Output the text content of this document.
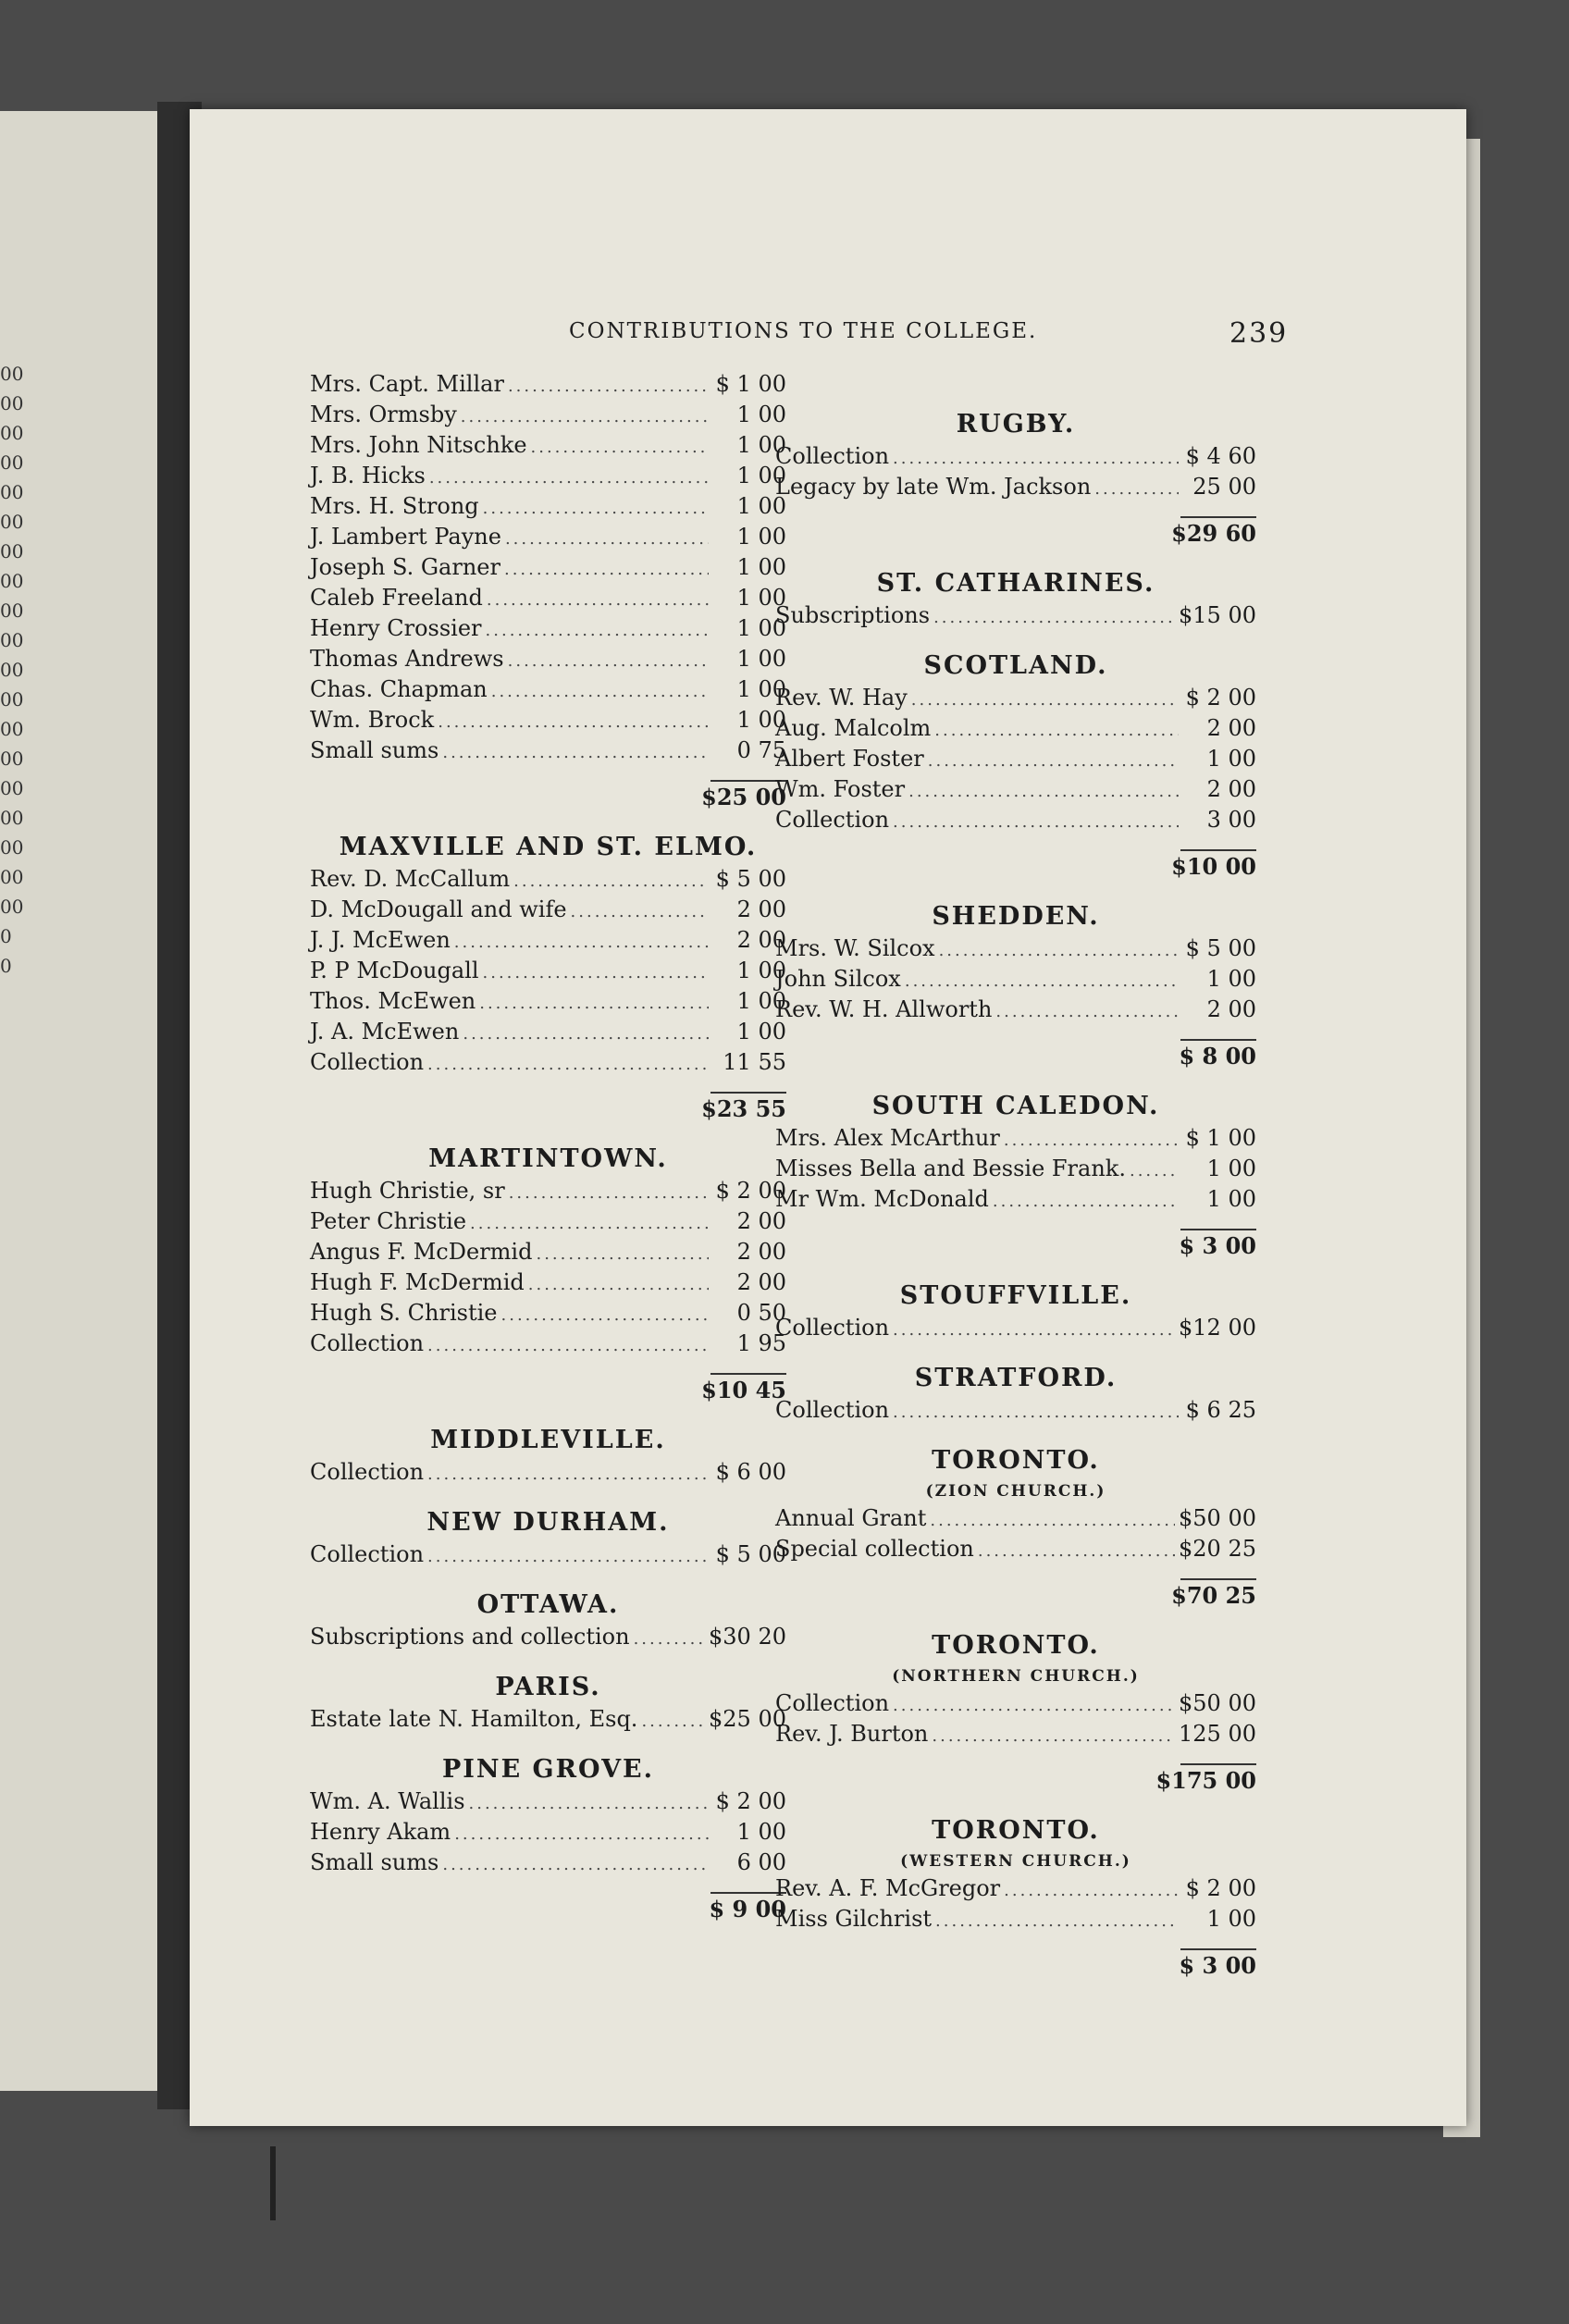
00
00
00
00
00
00
00
00
00
00
00
00
00
00
00
00
00
00
00
0
0
CONTRIBUTIONS TO THE COLLEGE.	239
Mrs. Capt. Millar .....	$ 1 00
Mrs. Ormsby .....	1 00
Mrs. John Nitschke .....	1 00
J. B. Hicks .....	1 00
Mrs. H. Strong .....	1 00
J. Lambert Payne .....	1 00
Joseph S. Garner .....	1 00
Caleb Freeland .....	1 00
Henry Crossier .....	1 00
Thomas Andrews .....	1 00
Chas. Chapman .....	1 00
Wm. Brock .....	1 00
Small sums .....	0 75
$25 00
MAXVILLE AND ST. ELMO.
Rev. D. McCallum .....	$ 5 00
D. McDougall and wife .....	2 00
J. J. McEwen .....	2 00
P. P McDougall .....	1 00
Thos. McEwen .....	1 00
J. A. McEwen .....	1 00
Collection .....	11 55
$23 55
MARTINTOWN.
Hugh Christie, sr .....	$ 2 00
Peter Christie .....	2 00
Angus F. McDermid .....	2 00
Hugh F. McDermid .....	2 00
Hugh S. Christie .....	0 50
Collection .....	1 95
$10 45
MIDDLEVILLE.
Collection .....	$ 6 00
NEW DURHAM.
Collection .....	$ 5 00
OTTAWA.
Subscriptions and collection .....	$30 20
PARIS.
Estate late N. Hamilton, Esq. .....	$25 00
PINE GROVE.
Wm. A. Wallis .....	$ 2 00
Henry Akam .....	1 00
Small sums .....	6 00
$ 9 00
RUGBY.
Collection .....	$ 4 60
Legacy by late Wm. Jackson .....	25 00
$29 60
ST. CATHARINES.
Subscriptions .....	$15 00
SCOTLAND.
Rev. W. Hay .....	$ 2 00
Aug. Malcolm .....	2 00
Albert Foster .....	1 00
Wm. Foster .....	2 00
Collection .....	3 00
$10 00
SHEDDEN.
Mrs. W. Silcox .....	$ 5 00
John Silcox .....	1 00
Rev. W. H. Allworth .....	2 00
$ 8 00
SOUTH CALEDON.
Mrs. Alex McArthur .....	$ 1 00
Misses Bella and Bessie Frank. .....	1 00
Mr Wm. McDonald .....	1 00
$ 3 00
STOUFFVILLE.
Collection .....	$12 00
STRATFORD.
Collection .....	$ 6 25
TORONTO.
(ZION CHURCH.)
Annual Grant .....	$50 00
Special collection .....	$20 25
$70 25
TORONTO.
(NORTHERN CHURCH.)
Collection .....	$50 00
Rev. J. Burton .....	125 00
$175 00
TORONTO.
(WESTERN CHURCH.)
Rev. A. F. McGregor .....	$ 2 00
Miss Gilchrist .....	1 00
$ 3 00
